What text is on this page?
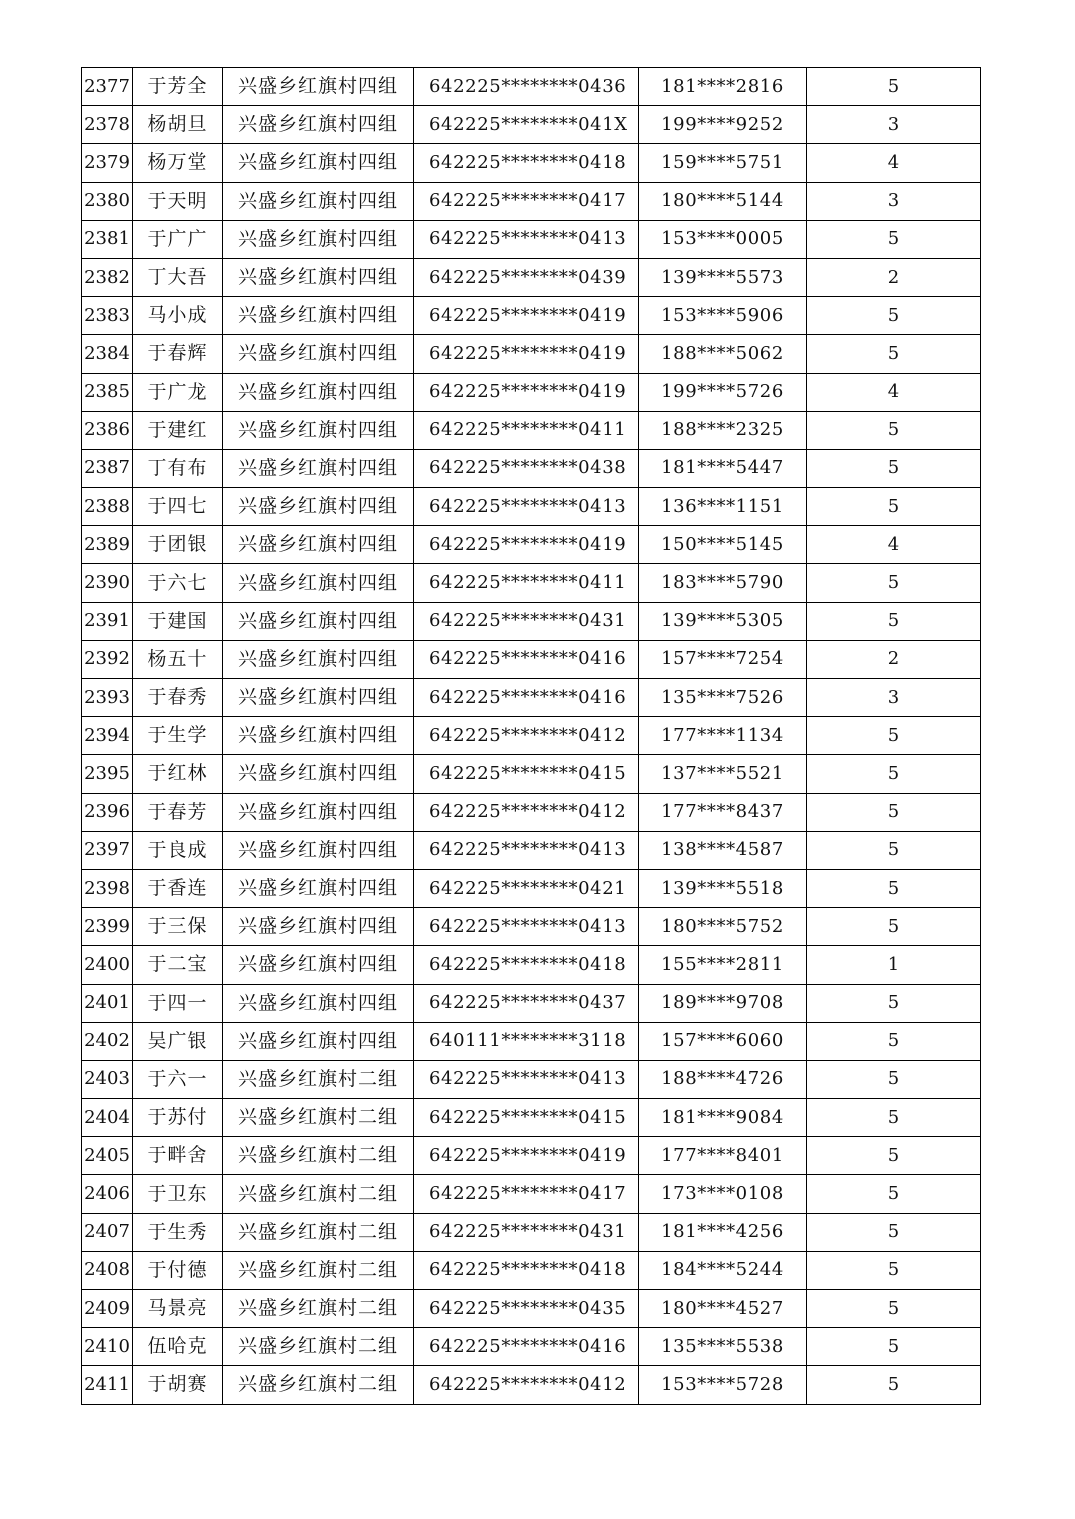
2377	于芳全	兴盛乡红旗村四组	642225********0436	181****2816	5
2378	杨胡旦	兴盛乡红旗村四组	642225********041X	199****9252	3
2379	杨万堂	兴盛乡红旗村四组	642225********0418	159****5751	4
2380	于天明	兴盛乡红旗村四组	642225********0417	180****5144	3
2381	于广广	兴盛乡红旗村四组	642225********0413	153****0005	5
2382	丁大吾	兴盛乡红旗村四组	642225********0439	139****5573	2
2383	马小成	兴盛乡红旗村四组	642225********0419	153****5906	5
2384	于春辉	兴盛乡红旗村四组	642225********0419	188****5062	5
2385	于广龙	兴盛乡红旗村四组	642225********0419	199****5726	4
2386	于建红	兴盛乡红旗村四组	642225********0411	188****2325	5
2387	丁有布	兴盛乡红旗村四组	642225********0438	181****5447	5
2388	于四七	兴盛乡红旗村四组	642225********0413	136****1151	5
2389	于团银	兴盛乡红旗村四组	642225********0419	150****5145	4
2390	于六七	兴盛乡红旗村四组	642225********0411	183****5790	5
2391	于建国	兴盛乡红旗村四组	642225********0431	139****5305	5
2392	杨五十	兴盛乡红旗村四组	642225********0416	157****7254	2
2393	于春秀	兴盛乡红旗村四组	642225********0416	135****7526	3
2394	于生学	兴盛乡红旗村四组	642225********0412	177****1134	5
2395	于红林	兴盛乡红旗村四组	642225********0415	137****5521	5
2396	于春芳	兴盛乡红旗村四组	642225********0412	177****8437	5
2397	于良成	兴盛乡红旗村四组	642225********0413	138****4587	5
2398	于香连	兴盛乡红旗村四组	642225********0421	139****5518	5
2399	于三保	兴盛乡红旗村四组	642225********0413	180****5752	5
2400	于二宝	兴盛乡红旗村四组	642225********0418	155****2811	1
2401	于四一	兴盛乡红旗村四组	642225********0437	189****9708	5
2402	吴广银	兴盛乡红旗村四组	640111********3118	157****6060	5
2403	于六一	兴盛乡红旗村二组	642225********0413	188****4726	5
2404	于苏付	兴盛乡红旗村二组	642225********0415	181****9084	5
2405	于畔舍	兴盛乡红旗村二组	642225********0419	177****8401	5
2406	于卫东	兴盛乡红旗村二组	642225********0417	173****0108	5
2407	于生秀	兴盛乡红旗村二组	642225********0431	181****4256	5
2408	于付德	兴盛乡红旗村二组	642225********0418	184****5244	5
2409	马景亮	兴盛乡红旗村二组	642225********0435	180****4527	5
2410	伍哈克	兴盛乡红旗村二组	642225********0416	135****5538	5
2411	于胡赛	兴盛乡红旗村二组	642225********0412	153****5728	5
